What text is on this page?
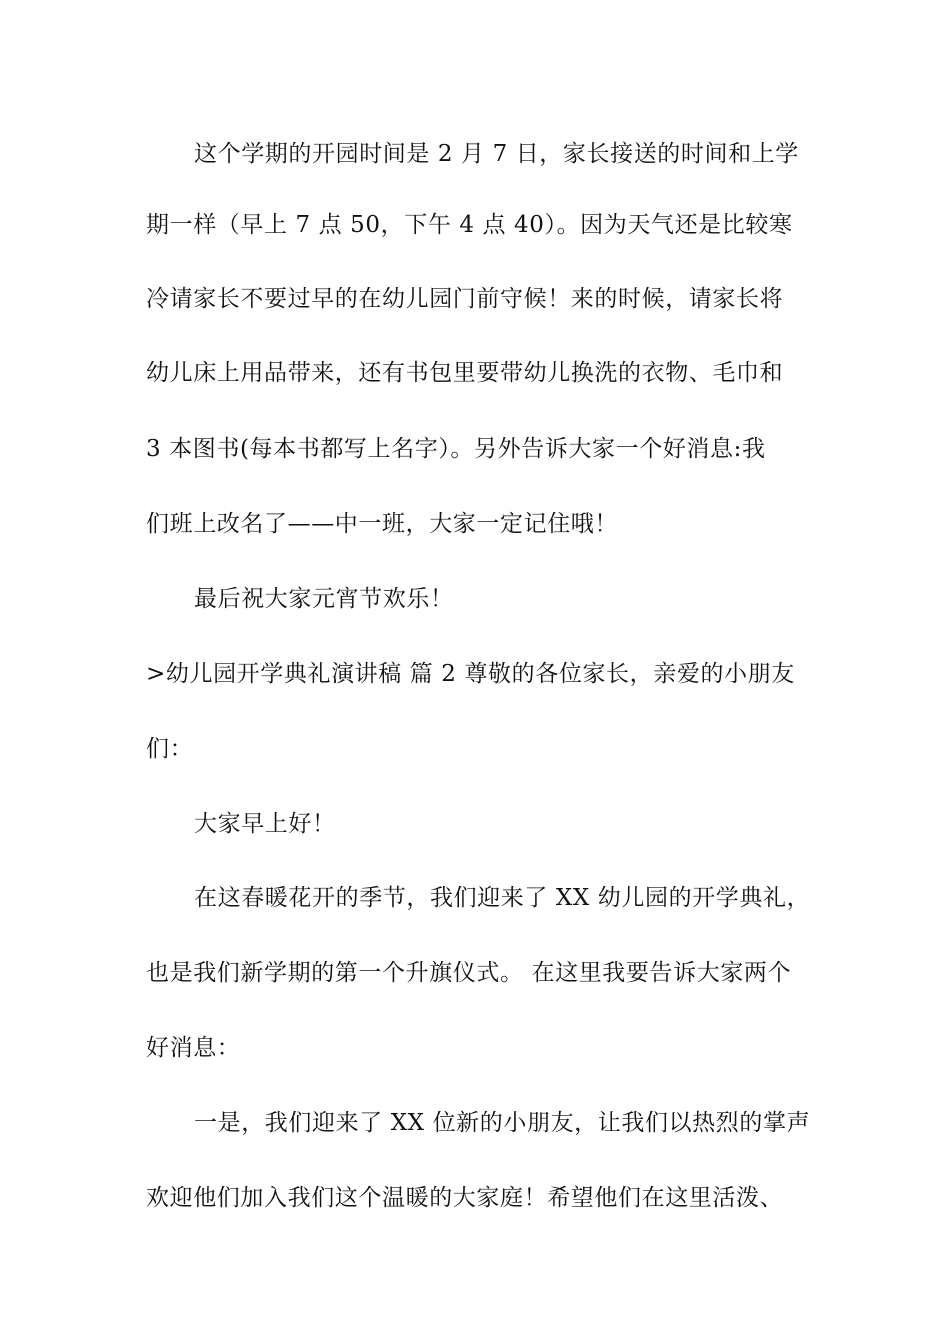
这个学期的开园时间是 2 月 7 日，家长接送的时间和上学
期一样（早上 7 点 50，下午 4 点 40）。因为天气还是比较寒
冷请家长不要过早的在幼儿园门前守候！来的时候，请家长将
幼儿床上用品带来，还有书包里要带幼儿换洗的衣物、毛巾和
3 本图书(每本书都写上名字）。另外告诉大家一个好消息:我
们班上改名了——中一班，大家一定记住哦！
最后祝大家元宵节欢乐！
>幼儿园开学典礼演讲稿 篇 2 尊敬的各位家长，亲爱的小朋友
们：
大家早上好！
在这春暖花开的季节，我们迎来了 XX 幼儿园的开学典礼，
也是我们新学期的第一个升旗仪式。 在这里我要告诉大家两个
好消息：
一是，我们迎来了 XX 位新的小朋友，让我们以热烈的掌声
欢迎他们加入我们这个温暖的大家庭！希望他们在这里活泼、
